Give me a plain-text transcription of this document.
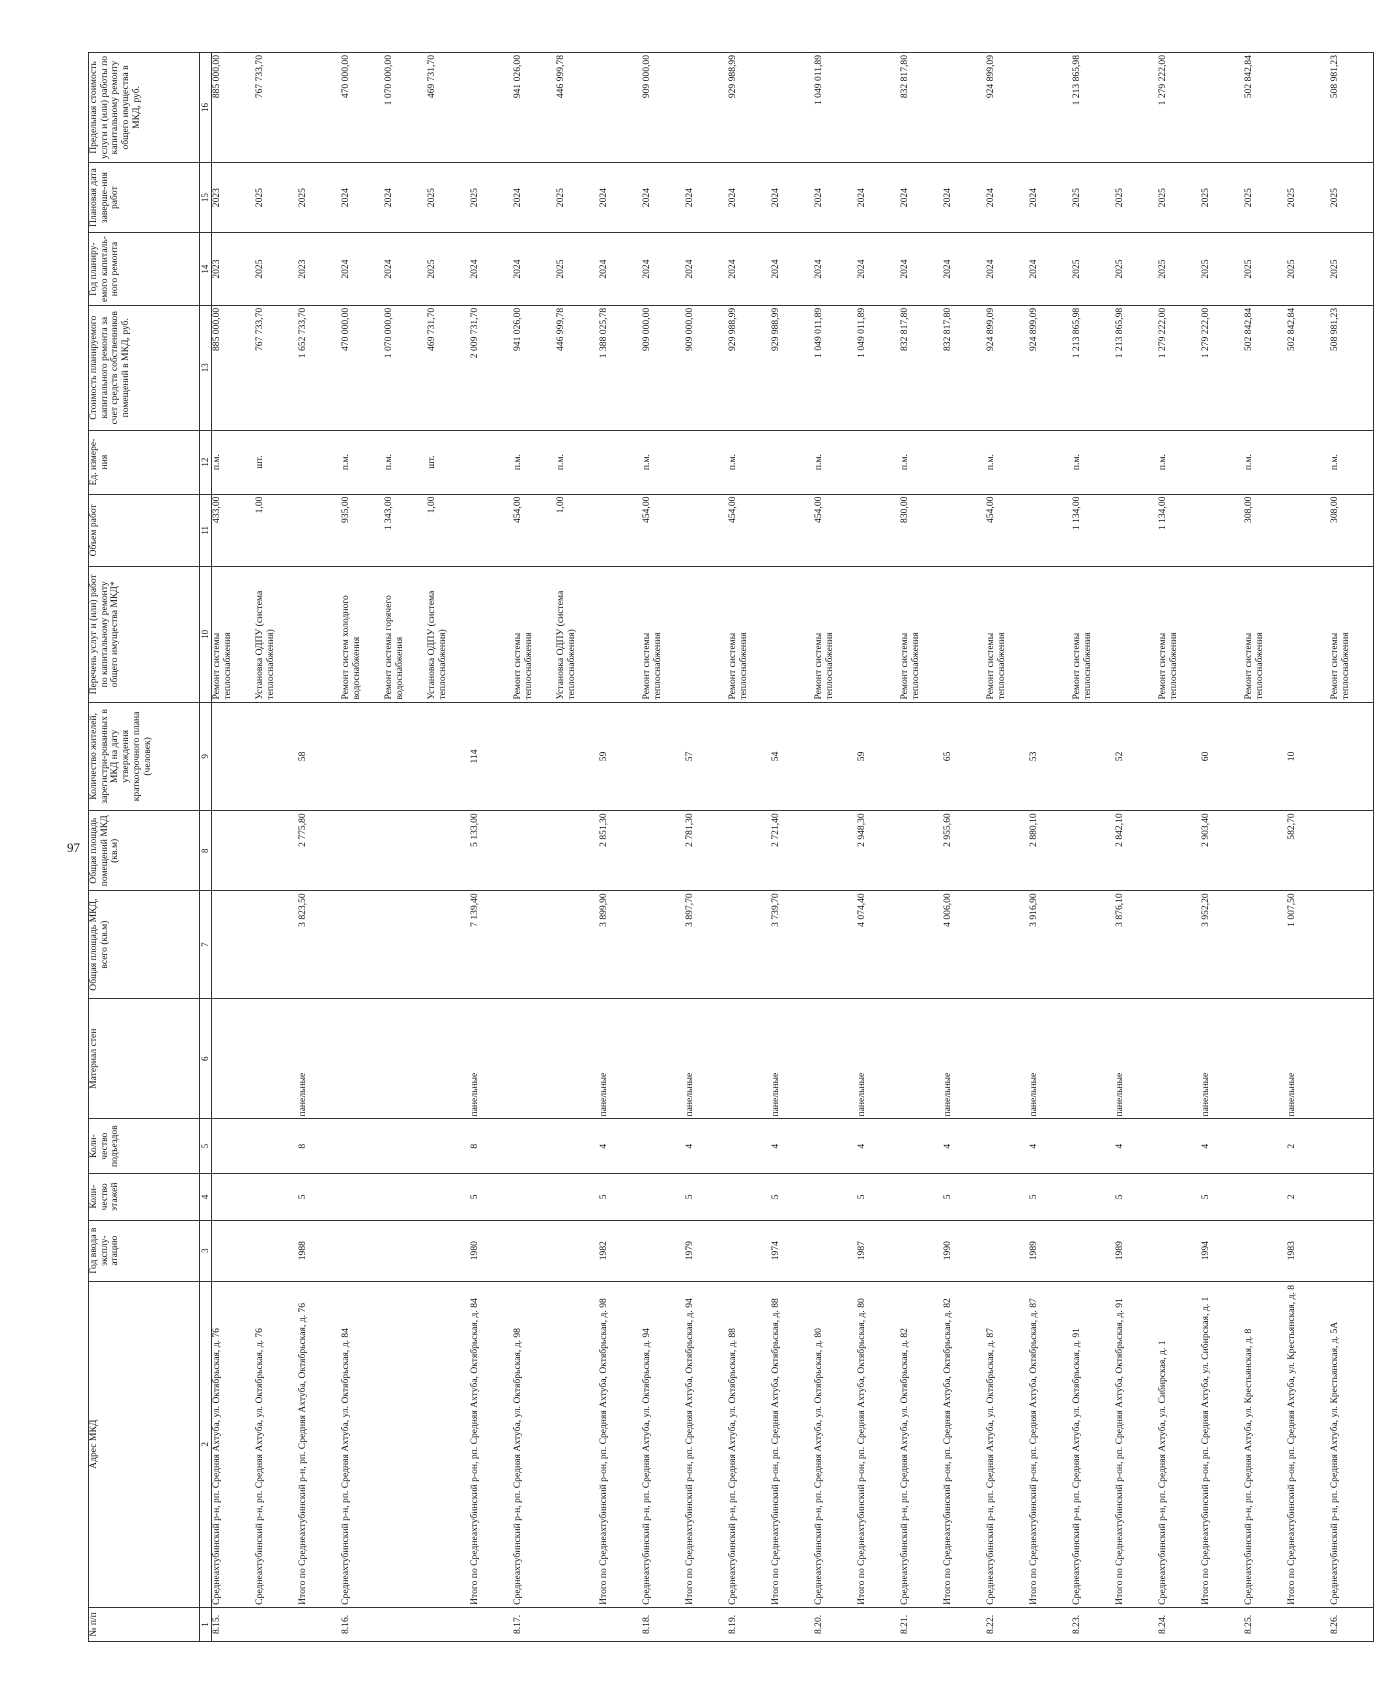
97
№ п/п	Адрес МКД	Год ввода в эксплу-атацию	Коли-чество этажей	Коли-чество подъездов	Материал стен	Общая площадь МКД, всего (кв.м)	Общая площадь помещений МКД (кв.м)	Количество жителей, зарегистри-рованных в МКД на дату утверждения краткосрочного плана (человек)	Перечень услуг и (или) работ по капитальному ремонту общего имущества МКД*	Объем работ	Ед. измере-ния	Стоимость планируемого капитального ремонта за счет средств собственников помещений в МКД, руб.	Год планиру-емого капиталь-ного ремонта	Плановая дата заверше-ния работ	Предельная стоимость услуги и (или) работы по капитальному ремонту общего имущества в МКД, руб.
1	2	3	4	5	6	7	8	9	10	11	12	13	14	15	16
8.15.	Среднеахтубинский р-н, рп. Средняя Ахтуба, ул. Октябрьская, д. 76								Ремонт системы теплоснабжения	433,00	п.м.	885 000,00	2023	2023	885 000,00
	Среднеахтубинский р-н, рп. Средняя Ахтуба, ул. Октябрьская, д. 76								Установка ОДПУ (система теплоснабжения)	1,00	шт.	767 733,70	2025	2025	767 733,70
	Итого по Среднеахтубинский р-н, рп. Средняя Ахтуба, Октябрьская, д. 76	1988	5	8	панельные	3 823,50	2 775,80	58				1 652 733,70	2023	2025	
8.16.	Среднеахтубинский р-н, рп. Средняя Ахтуба, ул. Октябрьская, д. 84								Ремонт систем холодного водоснабжения	935,00	п.м.	470 000,00	2024	2024	470 000,00
									Ремонт системы горячего водоснабжения	1 343,00	п.м.	1 070 000,00	2024	2024	1 070 000,00
									Установка ОДПУ (система теплоснабжения)	1,00	шт.	469 731,70	2025	2025	469 731,70
	Итого по Среднеахтубинский р-он, рп. Средняя Ахтуба, Октябрьская, д. 84	1980	5	8	панельные	7 139,40	5 133,00	114				2 009 731,70	2024	2025	
8.17.	Среднеахтубинский р-н, рп. Средняя Ахтуба, ул. Октябрьская, д. 98								Ремонт системы теплоснабжения	454,00	п.м.	941 026,00	2024	2024	941 026,00
									Установка ОДПУ (система теплоснабжения)	1,00	п.м.	446 999,78	2025	2025	446 999,78
	Итого по Среднеахтубинский р-он, рп. Средняя Ахтуба, Октябрьская, д. 98	1982	5	4	панельные	3 899,90	2 851,30	59				1 388 025,78	2024	2024	
8.18.	Среднеахтубинский р-н, рп. Средняя Ахтуба, ул. Октябрьская, д. 94								Ремонт системы теплоснабжения	454,00	п.м.	909 000,00	2024	2024	909 000,00
	Итого по Среднеахтубинский р-он, рп. Средняя Ахтуба, Октябрьская, д. 94	1979	5	4	панельные	3 897,70	2 781,30	57				909 000,00	2024	2024	
8.19.	Среднеахтубинский р-н, рп. Средняя Ахтуба, ул. Октябрьская, д. 88								Ремонт системы теплоснабжения	454,00	п.м.	929 988,99	2024	2024	929 988,99
	Итого по Среднеахтубинский р-он, рп. Средняя Ахтуба, Октябрьская, д. 88	1974	5	4	панельные	3 739,70	2 721,40	54				929 988,99	2024	2024	
8.20.	Среднеахтубинский р-н, рп. Средняя Ахтуба, ул. Октябрьская, д. 80								Ремонт системы теплоснабжения	454,00	п.м.	1 049 011,89	2024	2024	1 049 011,89
	Итого по Среднеахтубинский р-он, рп. Средняя Ахтуба, Октябрьская, д. 80	1987	5	4	панельные	4 074,40	2 948,30	59				1 049 011,89	2024	2024	
8.21.	Среднеахтубинский р-н, рп. Средняя Ахтуба, ул. Октябрьская, д. 82								Ремонт системы теплоснабжения	830,00	п.м.	832 817,80	2024	2024	832 817,80
	Итого по Среднеахтубинский р-он, рп. Средняя Ахтуба, Октябрьская, д. 82	1990	5	4	панельные	4 006,00	2 955,60	65				832 817,80	2024	2024	
8.22.	Среднеахтубинский р-н, рп. Средняя Ахтуба, ул. Октябрьская, д. 87								Ремонт системы теплоснабжения	454,00	п.м.	924 899,09	2024	2024	924 899,09
	Итого по Среднеахтубинский р-он, рп. Средняя Ахтуба, Октябрьская, д. 87	1989	5	4	панельные	3 916,90	2 880,10	53				924 899,09	2024	2024	
8.23.	Среднеахтубинский р-н, рп. Средняя Ахтуба, ул. Октябрьская, д. 91								Ремонт системы теплоснабжения	1 134,00	п.м.	1 213 865,98	2025	2025	1 213 865,98
	Итого по Среднеахтубинский р-он, рп. Средняя Ахтуба, Октябрьская, д. 91	1989	5	4	панельные	3 876,10	2 842,10	52				1 213 865,98	2025	2025	
8.24.	Среднеахтубинский р-н, рп. Средняя Ахтуба, ул. Сибирская, д. 1								Ремонт системы теплоснабжения	1 134,00	п.м.	1 279 222,00	2025	2025	1 279 222,00
	Итого по Среднеахтубинский р-он, рп. Средняя Ахтуба, ул. Сибирская, д. 1	1994	5	4	панельные	3 952,20	2 903,40	60				1 279 222,00	2025	2025	
8.25.	Среднеахтубинский р-н, рп. Средняя Ахтуба, ул. Крестьянская, д. 8								Ремонт системы теплоснабжения	308,00	п.м.	502 842,84	2025	2025	502 842,84
	Итого по Среднеахтубинский р-он, рп. Средняя Ахтуба, ул. Крестьянская, д. 8	1983	2	2	панельные	1 007,50	582,70	10				502 842,84	2025	2025	
8.26.	Среднеахтубинский р-н, рп. Средняя Ахтуба, ул. Крестьянская, д. 5А								Ремонт системы теплоснабжения	308,00	п.м.	508 981,23	2025	2025	508 981,23
